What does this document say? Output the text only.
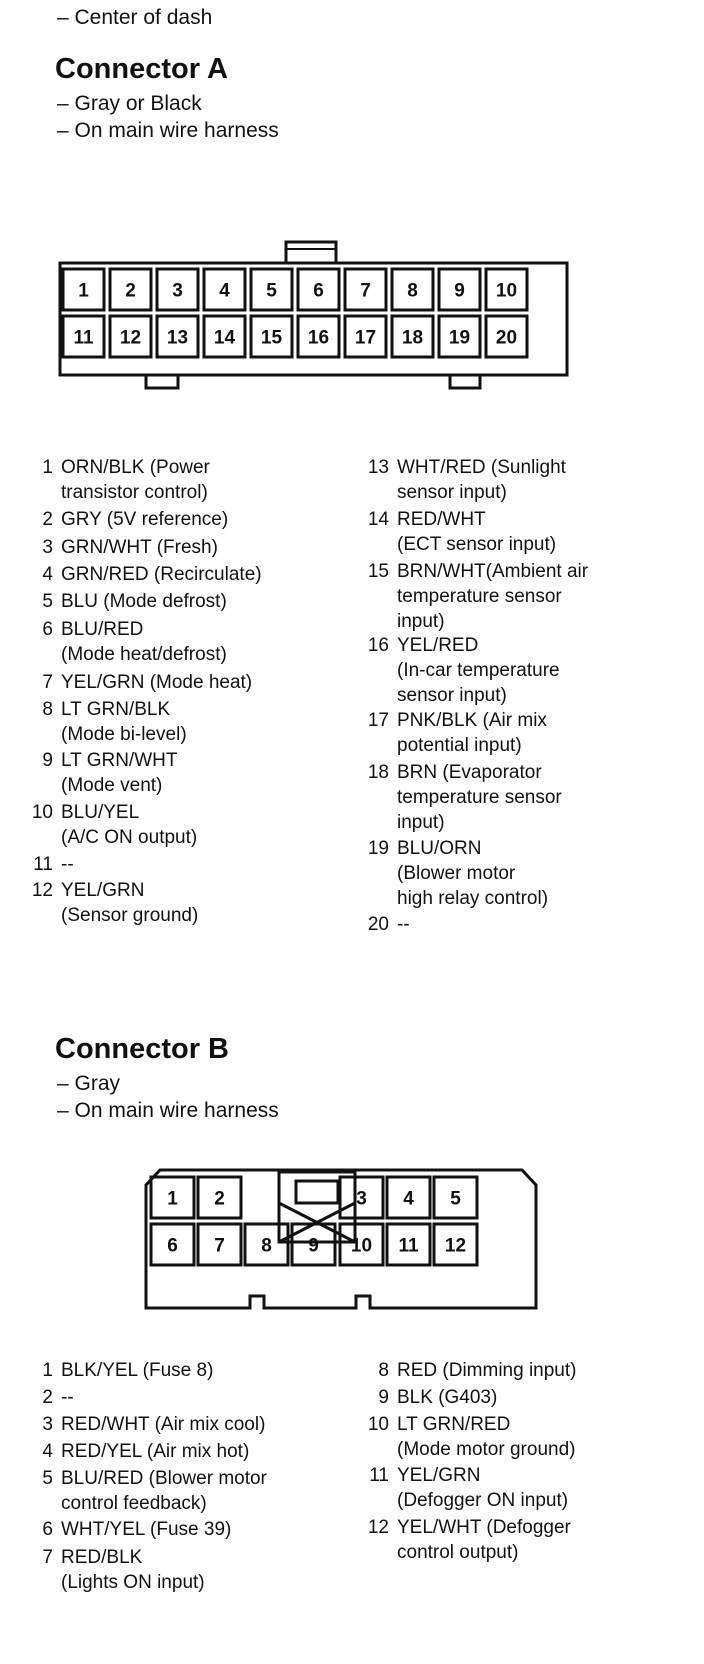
– Center of dash
Connector A
– Gray or Black
– On main wire harness
1 2 3 4 5 6 7 8 9 10
11 12 13 14 15 16 17 18 19 20
1 ORN/BLK (Power
transistor control)
2 GRY (5V reference)
3 GRN/WHT (Fresh)
4 GRN/RED (Recirculate)
5 BLU (Mode defrost)
6 BLU/RED
(Mode heat/defrost)
7 YEL/GRN (Mode heat)
8 LT GRN/BLK
(Mode bi-level)
9 LT GRN/WHT
(Mode vent)
10 BLU/YEL
(A/C ON output)
11 --
12 YEL/GRN
(Sensor ground)
13 WHT/RED (Sunlight
sensor input)
14 RED/WHT
(ECT sensor input)
15 BRN/WHT(Ambient air
temperature sensor
input)
16 YEL/RED
(In-car temperature
sensor input)
17 PNK/BLK (Air mix
potential input)
18 BRN (Evaporator
temperature sensor
input)
19 BLU/ORN
(Blower motor
high relay control)
20 --
Connector B
– Gray
– On main wire harness
1 2	3 4 5
6 7 8 9 10 11 12
1 BLK/YEL (Fuse 8)
2 --
3 RED/WHT (Air mix cool)
4 RED/YEL (Air mix hot)
5 BLU/RED (Blower motor
control feedback)
6 WHT/YEL (Fuse 39)
7 RED/BLK
(Lights ON input)
8 RED (Dimming input)
9 BLK (G403)
10 LT GRN/RED
(Mode motor ground)
11 YEL/GRN
(Defogger ON input)
12 YEL/WHT (Defogger
control output)
